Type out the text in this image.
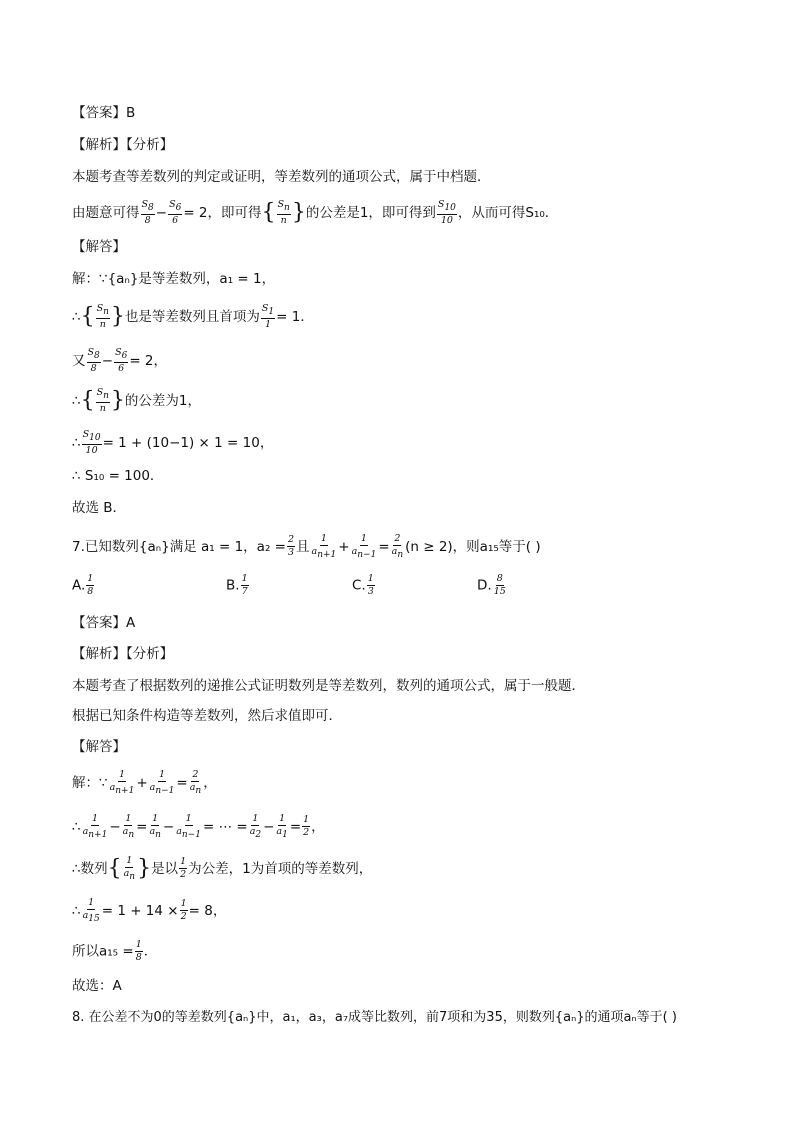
【答案】B
【解析】【分析】
本题考查等差数列的判定或证明，等差数列的通项公式，属于中档题．
由题意可得 $\frac{S_8}{8} - \frac{S_6}{6} = 2$，即可得{ $\frac{S_n}{n}$ }的公差是1，即可得到 $\frac{S_{10}}{10}$ ，从而可得S₁₀．
【解答】
解：∵{aₙ}是等差数列，a₁ = 1，
∴{ $\frac{S_n}{n}$ }也是等差数列且首项为 $\frac{S_1}{1} = 1$．
又 $\frac{S_8}{8} - \frac{S_6}{6} = 2$，
∴{ $\frac{S_n}{n}$ }的公差为1，
∴ $\frac{S_{10}}{10} = 1 + (10-1) \times 1 = 10$，
∴ S₁₀ = 100．
故选 B．
7.已知数列{aₙ}满足 a₁ = 1，$a_2 = \frac{2}{3}$ 且 $\frac{1}{a_{n+1}} + \frac{1}{a_{n-1}} = \frac{2}{a_n} (n \ge 2)$，则a₁₅等于( )
A. $\frac{1}{8}$	B. $\frac{1}{7}$	C. $\frac{1}{3}$	D. $\frac{8}{15}$
【答案】A
【解析】【分析】
本题考查了根据数列的递推公式证明数列是等差数列，数列的通项公式，属于一般题．
根据已知条件构造等差数列，然后求值即可．
【解答】
解：∵ $\frac{1}{a_{n+1}} + \frac{1}{a_{n-1}} = \frac{2}{a_n}$ ，
∴ $\frac{1}{a_{n+1}} - \frac{1}{a_n} = \frac{1}{a_n} - \frac{1}{a_{n-1}}$ = ⋯ = $\frac{1}{a_2} - \frac{1}{a_1} = \frac{1}{2}$ ，
∴数列{ $\frac{1}{a_n}$ }是以 $\frac{1}{2}$ 为公差，1为首项的等差数列，
∴ $\frac{1}{a_{15}} = 1 + 14 \times \frac{1}{2} = 8$，
所以$a_{15} = \frac{1}{8}$ ．
故选：A
8. 在公差不为0的等差数列{aₙ}中，a₁，a₃，a₇成等比数列，前7项和为35，则数列{aₙ}的通项aₙ等于( )
